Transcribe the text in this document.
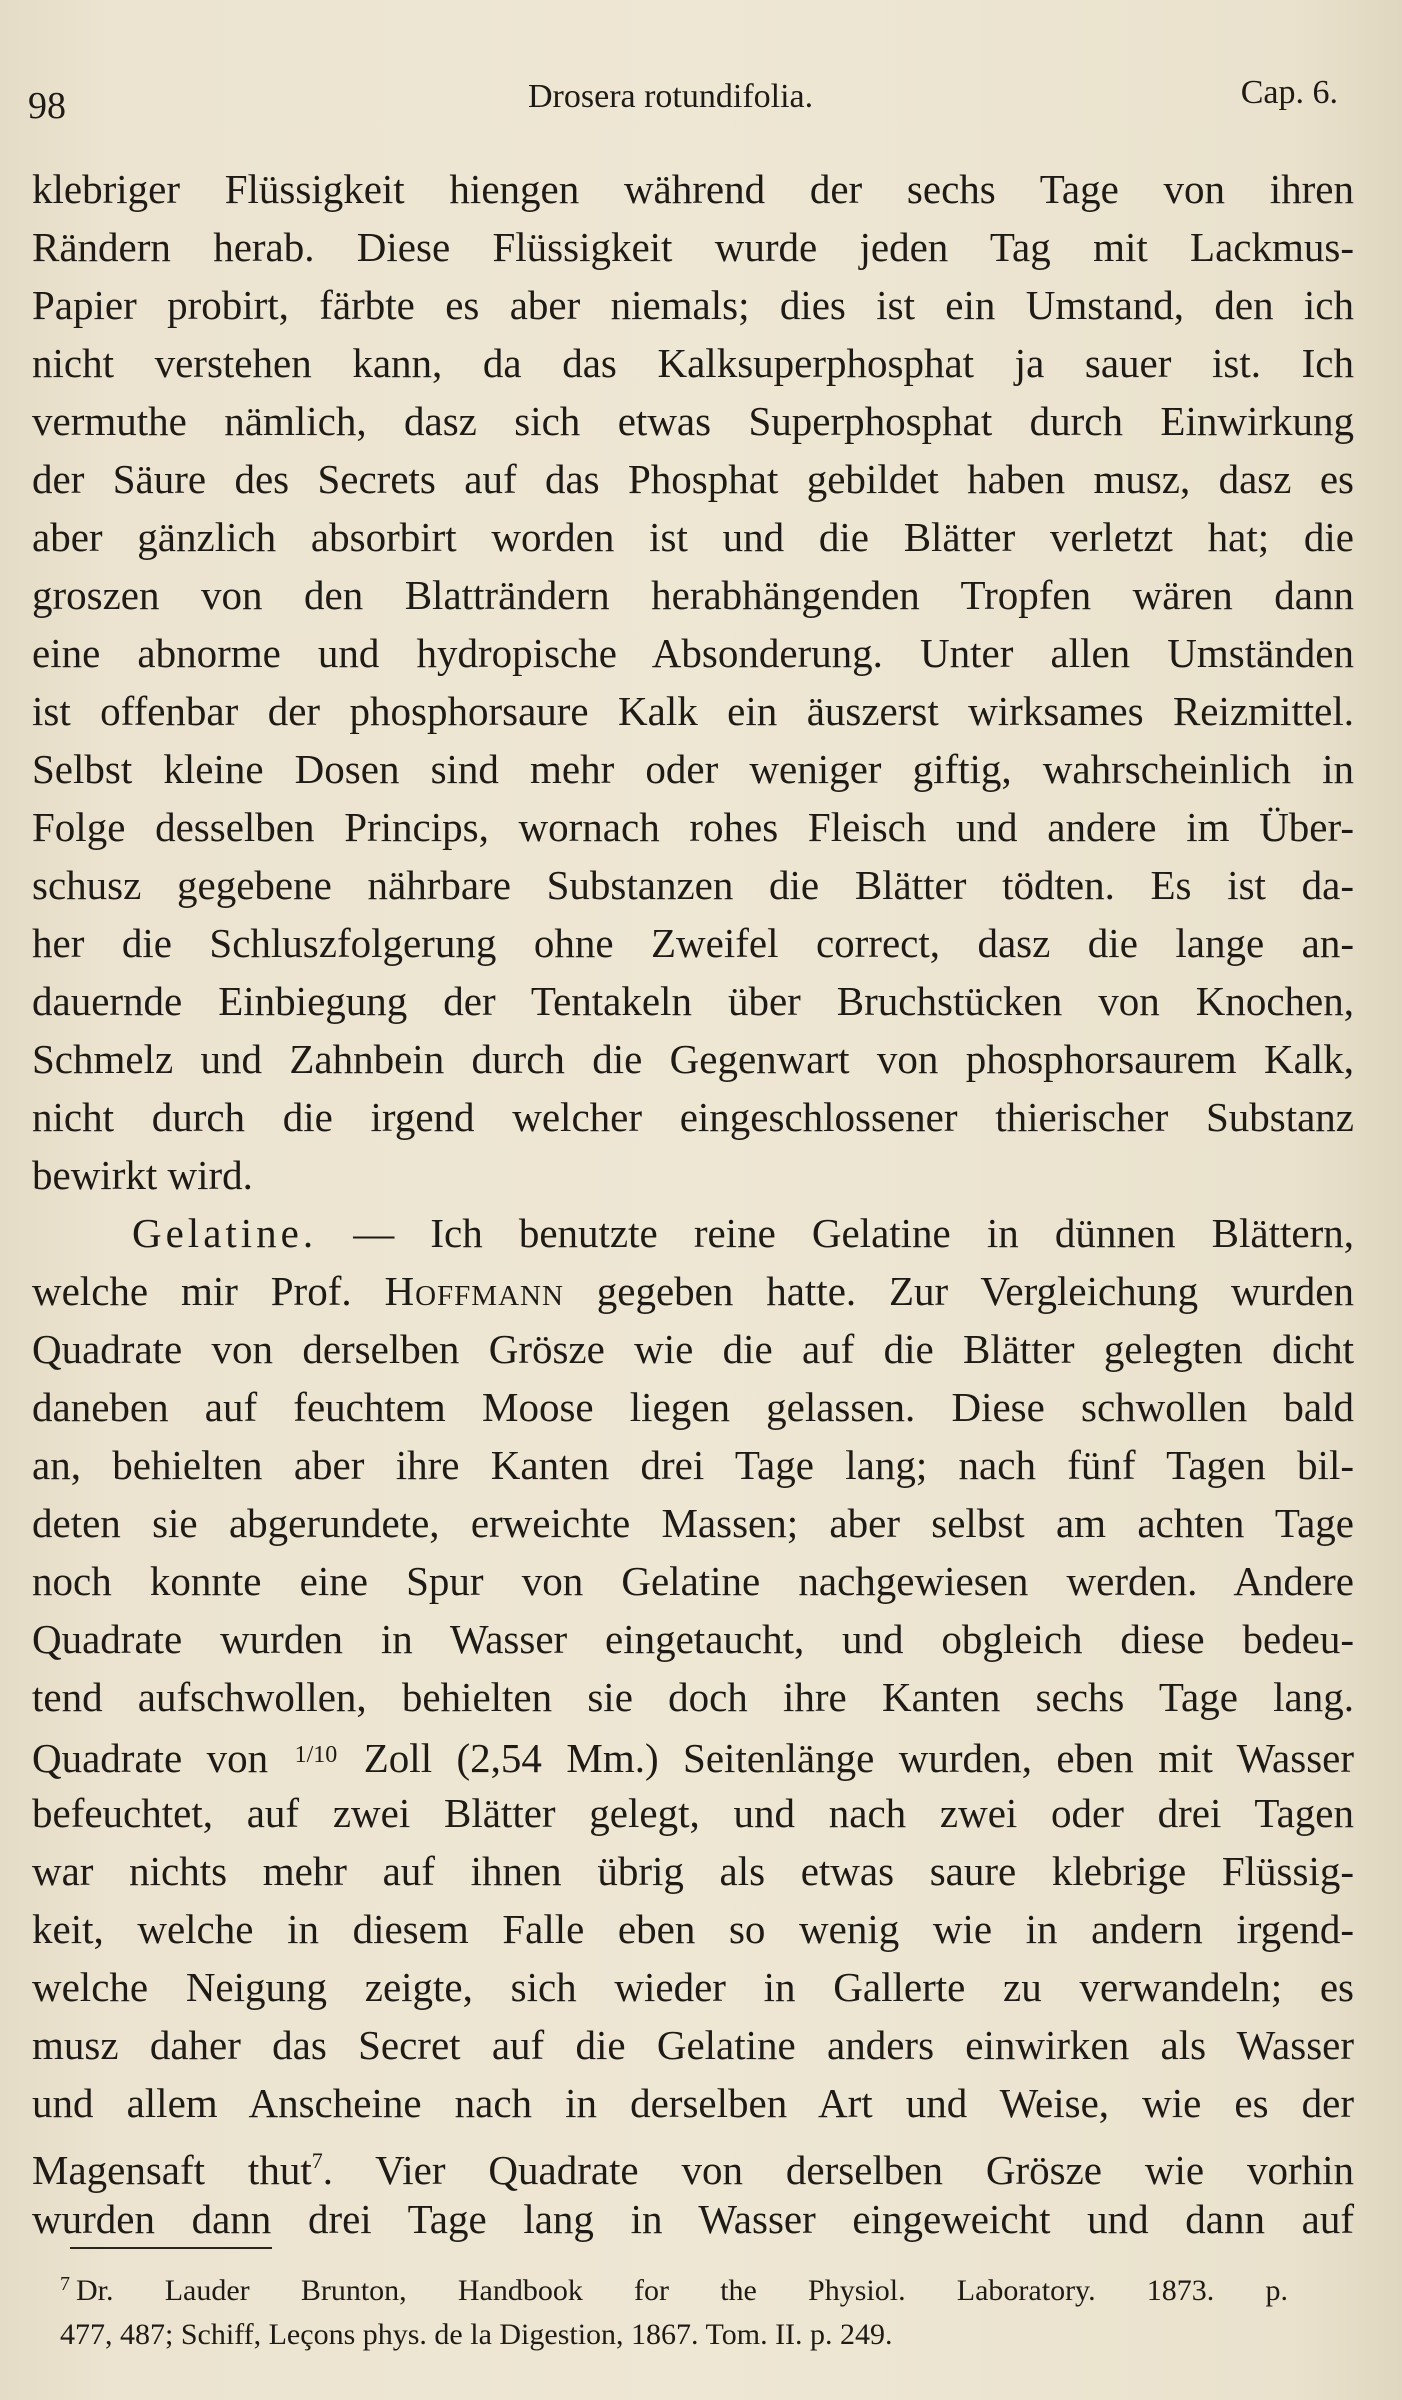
98	Drosera rotundifolia.	Cap. 6.
klebriger Flüssigkeit hiengen während der sechs Tage von ihren
Rändern herab. Diese Flüssigkeit wurde jeden Tag mit Lackmus-
Papier probirt, färbte es aber niemals; dies ist ein Umstand, den ich
nicht verstehen kann, da das Kalksuperphosphat ja sauer ist. Ich
vermuthe nämlich, dasz sich etwas Superphosphat durch Einwirkung
der Säure des Secrets auf das Phosphat gebildet haben musz, dasz es
aber gänzlich absorbirt worden ist und die Blätter verletzt hat; die
groszen von den Blatträndern herabhängenden Tropfen wären dann
eine abnorme und hydropische Absonderung. Unter allen Umständen
ist offenbar der phosphorsaure Kalk ein äuszerst wirksames Reizmittel.
Selbst kleine Dosen sind mehr oder weniger giftig, wahrscheinlich in
Folge desselben Princips, wornach rohes Fleisch und andere im Über-
schusz gegebene nährbare Substanzen die Blätter tödten. Es ist da-
her die Schluszfolgerung ohne Zweifel correct, dasz die lange an-
dauernde Einbiegung der Tentakeln über Bruchstücken von Knochen,
Schmelz und Zahnbein durch die Gegenwart von phosphorsaurem Kalk,
nicht durch die irgend welcher eingeschlossener thierischer Substanz
bewirkt wird.
Gelatine. — Ich benutzte reine Gelatine in dünnen Blättern,
welche mir Prof. Hoffmann gegeben hatte. Zur Vergleichung wurden
Quadrate von derselben Grösze wie die auf die Blätter gelegten dicht
daneben auf feuchtem Moose liegen gelassen. Diese schwollen bald
an, behielten aber ihre Kanten drei Tage lang; nach fünf Tagen bil-
deten sie abgerundete, erweichte Massen; aber selbst am achten Tage
noch konnte eine Spur von Gelatine nachgewiesen werden. Andere
Quadrate wurden in Wasser eingetaucht, und obgleich diese bedeu-
tend aufschwollen, behielten sie doch ihre Kanten sechs Tage lang.
Quadrate von 1/10 Zoll (2,54 Mm.) Seitenlänge wurden, eben mit Wasser
befeuchtet, auf zwei Blätter gelegt, und nach zwei oder drei Tagen
war nichts mehr auf ihnen übrig als etwas saure klebrige Flüssig-
keit, welche in diesem Falle eben so wenig wie in andern irgend-
welche Neigung zeigte, sich wieder in Gallerte zu verwandeln; es
musz daher das Secret auf die Gelatine anders einwirken als Wasser
und allem Anscheine nach in derselben Art und Weise, wie es der
Magensaft thut$^7$. Vier Quadrate von derselben Grösze wie vorhin
wurden dann drei Tage lang in Wasser eingeweicht und dann auf
$^7$ Dr. Lauder Brunton, Handbook for the Physiol. Laboratory. 1873. p.
477, 487; Schiff, Leçons phys. de la Digestion, 1867. Tom. II. p. 249.
